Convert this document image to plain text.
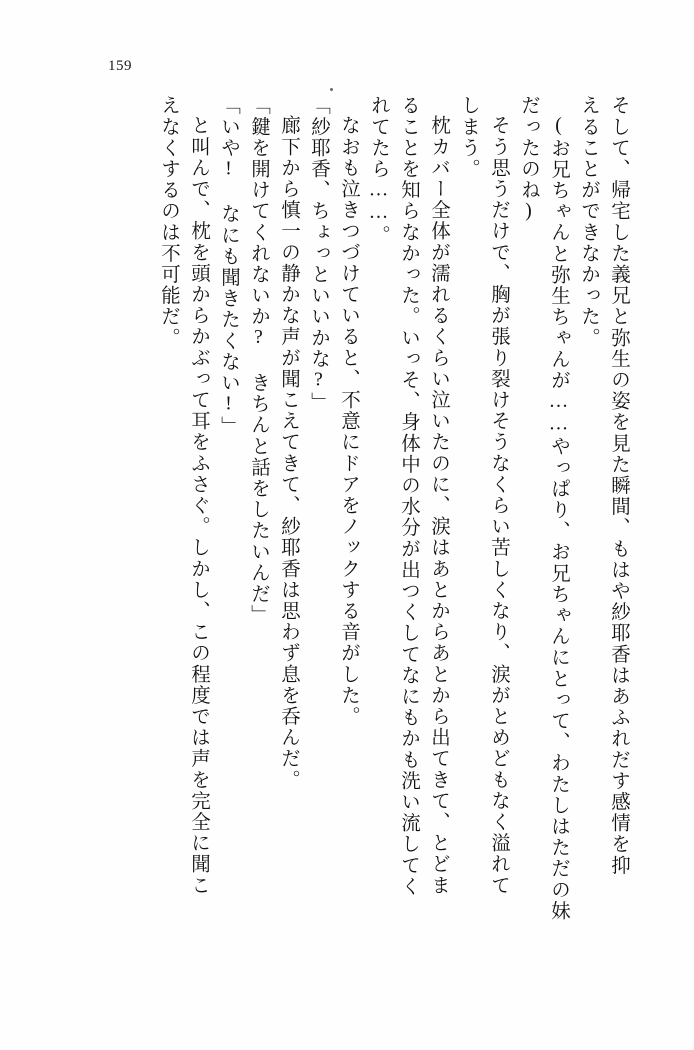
159
そして、帰宅した義兄と弥生の姿を見た瞬間、もはや紗耶香はあふれだす感情を抑
えることができなかった。
(お兄ちゃんと弥生ちゃんが……やっぱり、お兄ちゃんにとって、わたしはただの妹
だったのね)
そう思うだけで、胸が張り裂けそうなくらい苦しくなり、涙がとめどもなく溢れて
しまう。
枕カバー全体が濡れるくらい泣いたのに、涙はあとからあとから出てきて、とどま
ることを知らなかった。いっそ、身体中の水分が出つくしてなにもかも洗い流してく
れてたら……。
なおも泣きつづけていると、不意にドアをノックする音がした。
「紗耶香、ちょっといいかな?」
廊下から慎一の静かな声が聞こえてきて、紗耶香は思わず息を呑んだ。
「鍵を開けてくれないか? きちんと話をしたいんだ」
「いや! なにも聞きたくない!」
と叫んで、枕を頭からかぶって耳をふさぐ。しかし、この程度では声を完全に聞こ
えなくするのは不可能だ。
